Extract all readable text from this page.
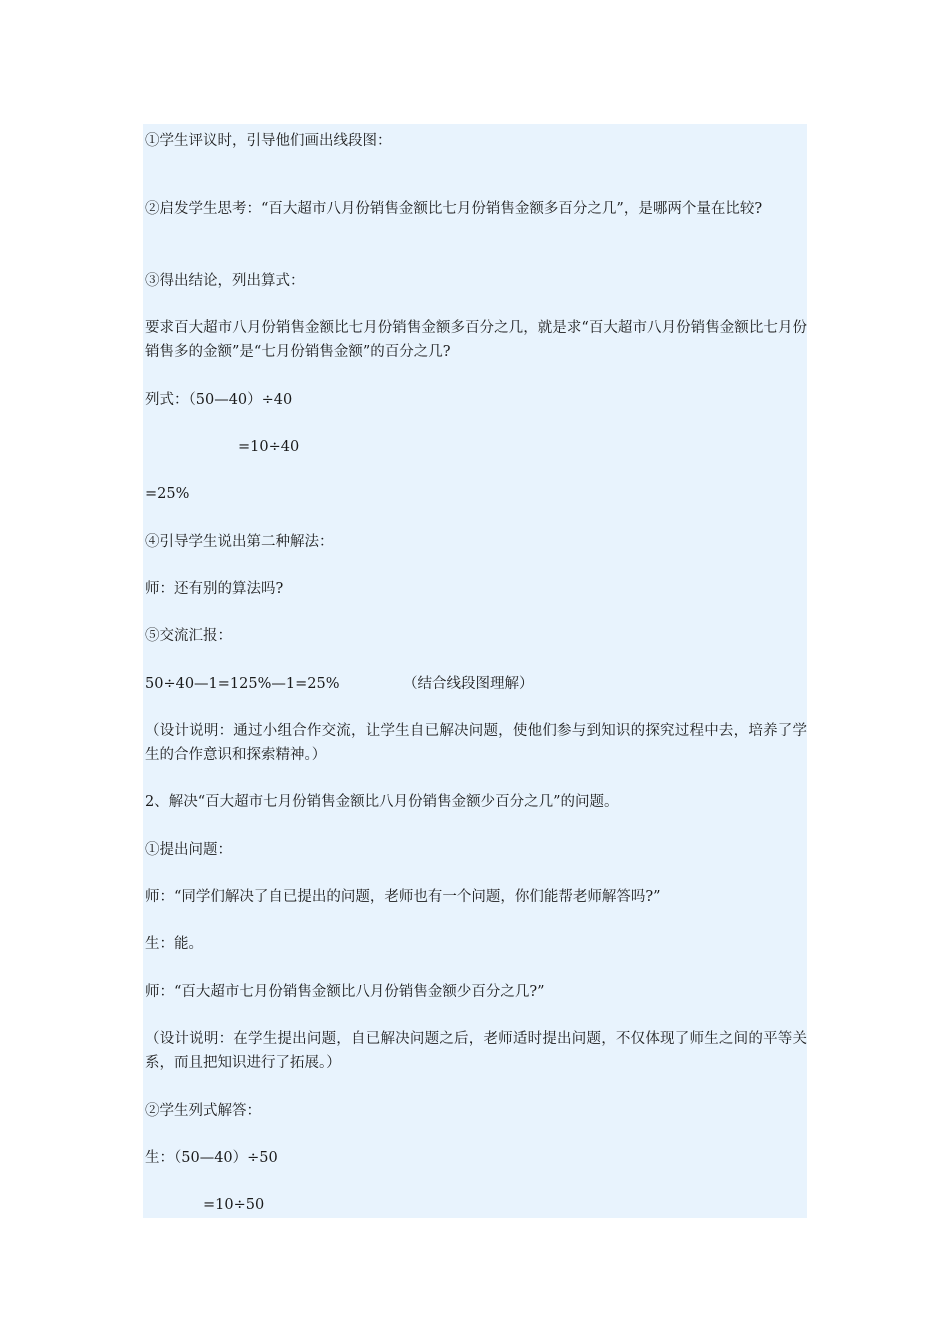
①学生评议时，引导他们画出线段图：
②启发学生思考：“百大超市八月份销售金额比七月份销售金额多百分之几”，是哪两个量在比较?
③得出结论，列出算式：
要求百大超市八月份销售金额比七月份销售金额多百分之几，就是求“百大超市八月份销售金额比七月份销售多的金额”是“七月份销售金额”的百分之几?
列式：（50—40）÷40
=10÷40
=25%
④引导学生说出第二种解法：
师：还有别的算法吗?
⑤交流汇报：
50÷40—1=125%—1=25%	（结合线段图理解）
（设计说明：通过小组合作交流，让学生自已解决问题，使他们参与到知识的探究过程中去，培养了学生的合作意识和探索精神。）
2、解决“百大超市七月份销售金额比八月份销售金额少百分之几”的问题。
①提出问题：
师：“同学们解决了自已提出的问题，老师也有一个问题，你们能帮老师解答吗?”
生：能。
师：“百大超市七月份销售金额比八月份销售金额少百分之几?”
（设计说明：在学生提出问题，自已解决问题之后，老师适时提出问题，不仅体现了师生之间的平等关系，而且把知识进行了拓展。）
②学生列式解答：
生：（50—40）÷50
=10÷50
